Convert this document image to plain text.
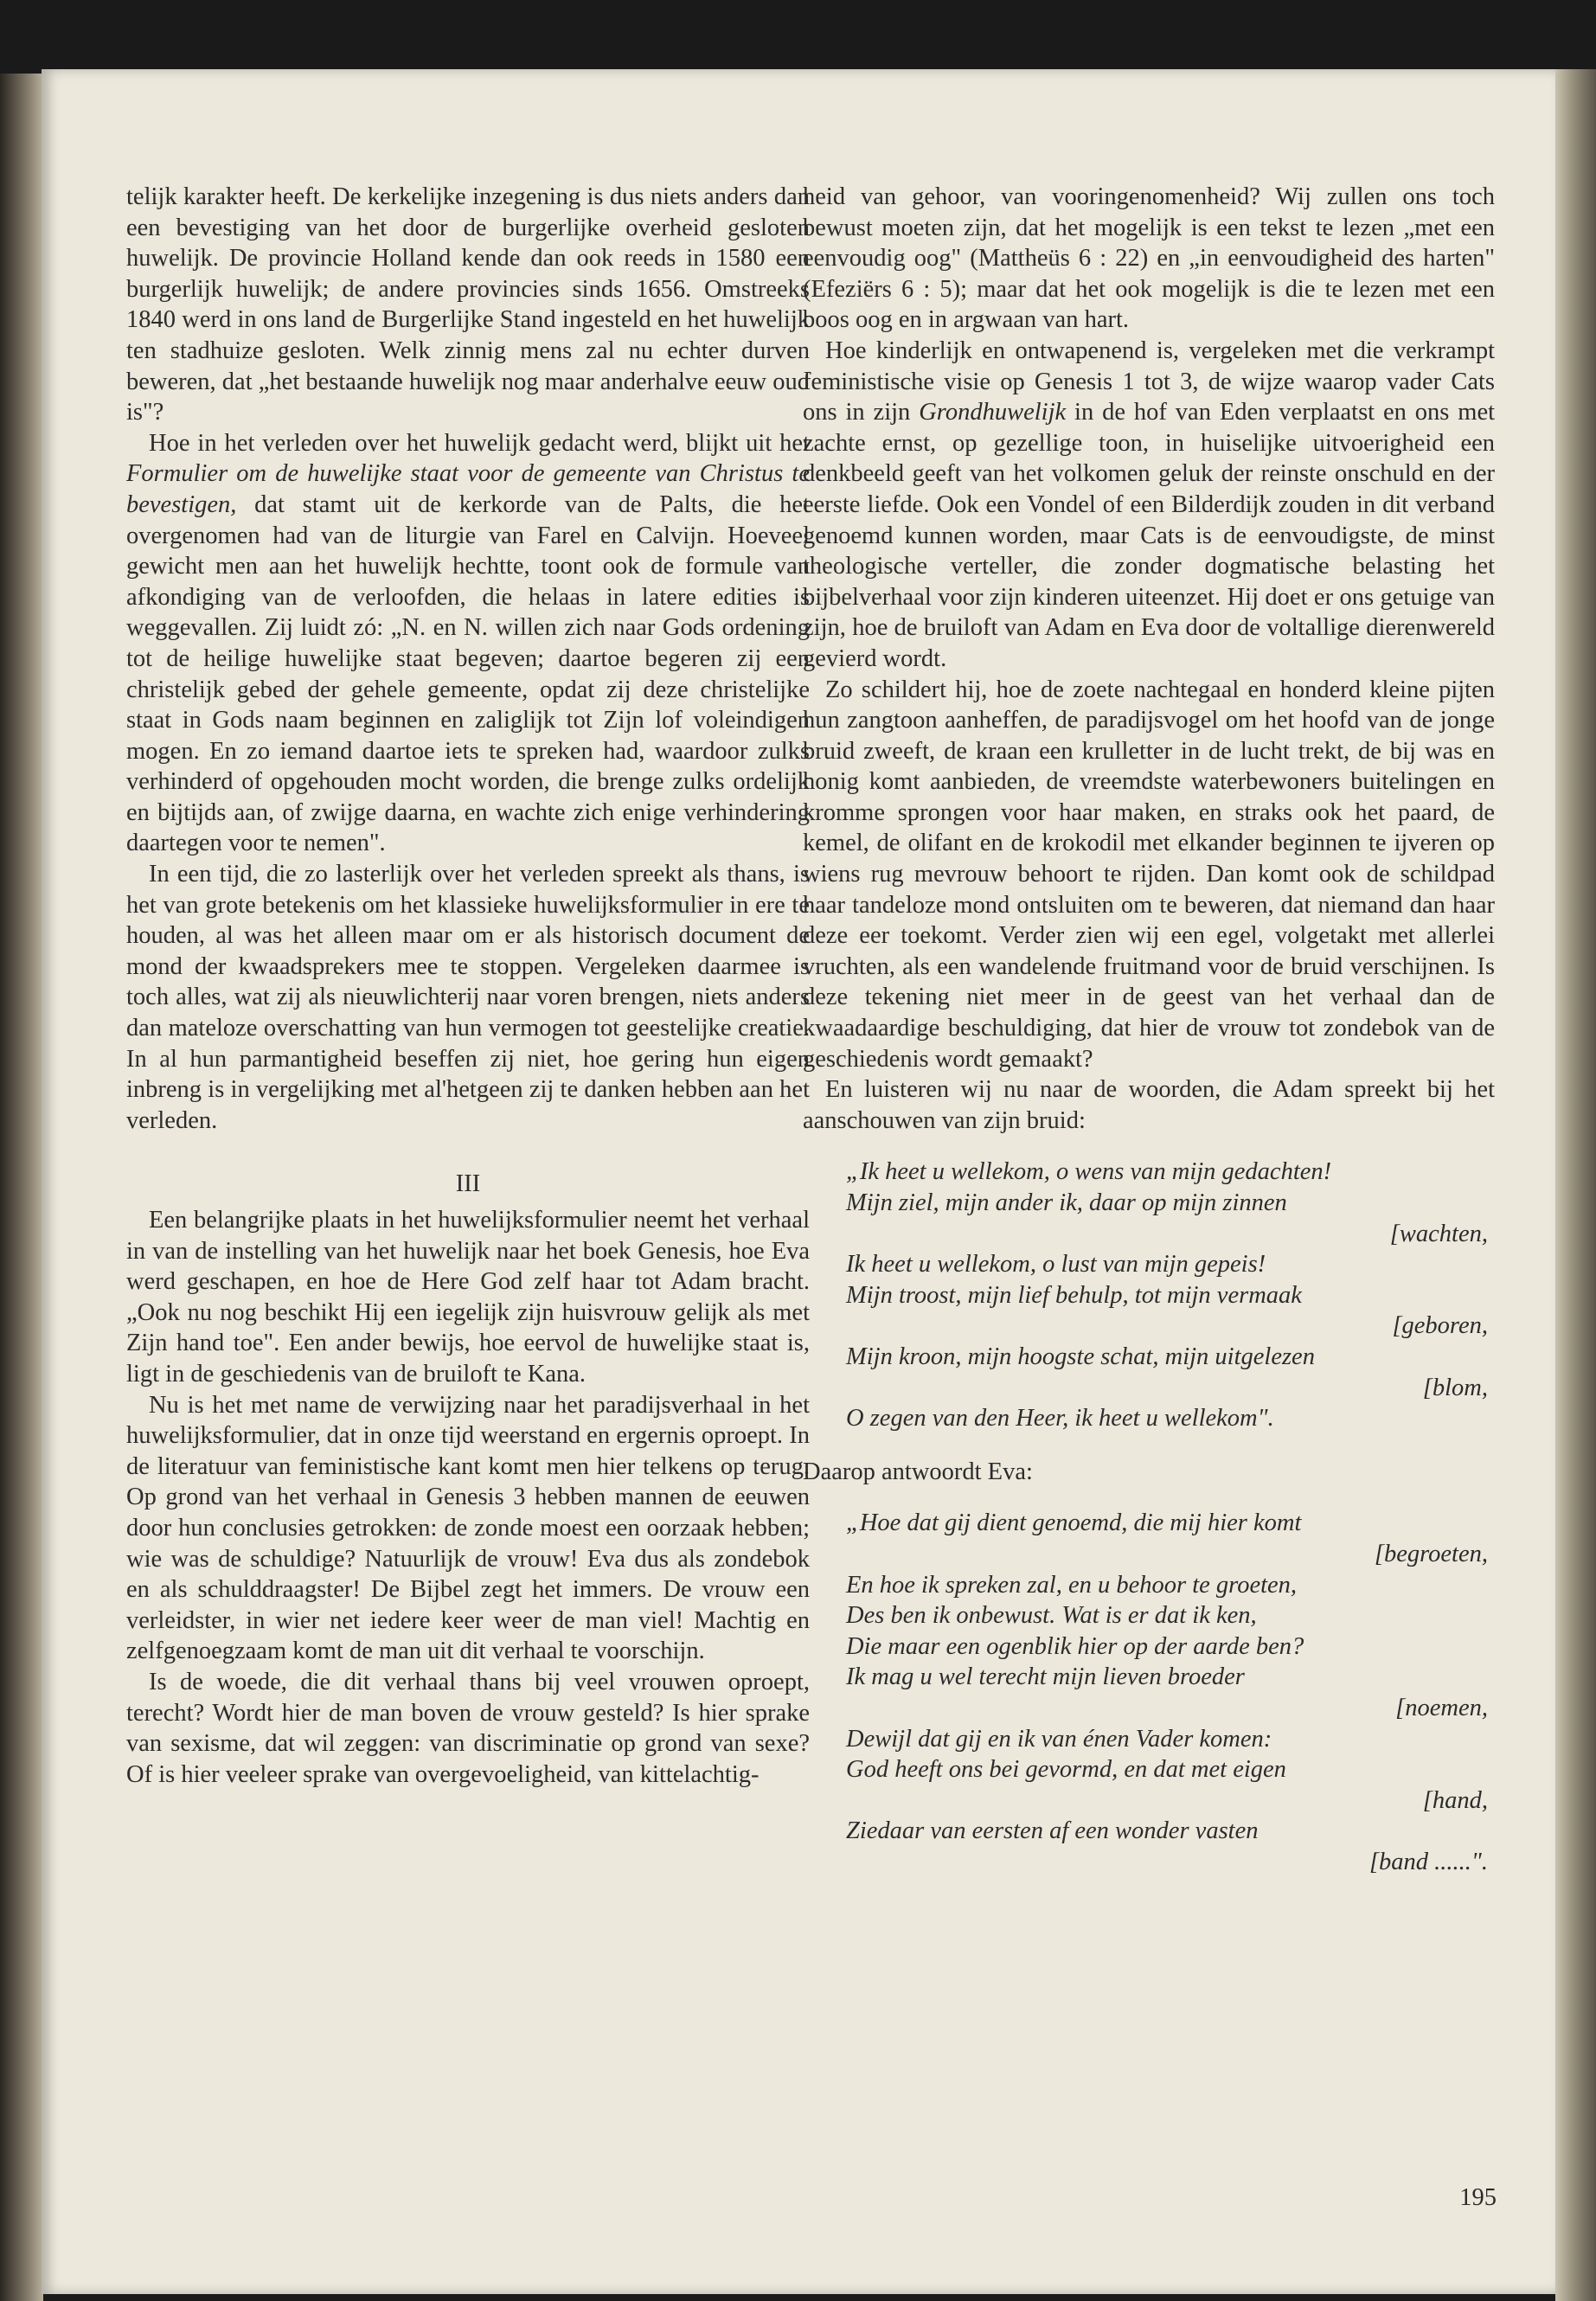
telijk karakter heeft. De kerkelijke inzegening is dus niets anders dan een bevestiging van het door de burgerlijke overheid gesloten huwelijk. De provincie Holland kende dan ook reeds in 1580 een burgerlijk huwelijk; de andere provincies sinds 1656. Omstreeks 1840 werd in ons land de Burgerlijke Stand ingesteld en het huwelijk ten stadhuize gesloten. Welk zinnig mens zal nu echter durven beweren, dat „het bestaande huwelijk nog maar anderhalve eeuw oud is"?

Hoe in het verleden over het huwelijk gedacht werd, blijkt uit het Formulier om de huwelijke staat voor de gemeente van Christus te bevestigen, dat stamt uit de kerkorde van de Palts, die het overgenomen had van de liturgie van Farel en Calvijn. Hoeveel gewicht men aan het huwelijk hechtte, toont ook de formule van afkondiging van de verloofden, die helaas in latere edities is weggevallen. Zij luidt zó: „N. en N. willen zich naar Gods ordening tot de heilige huwelijke staat begeven; daartoe begeren zij een christelijk gebed der gehele gemeente, opdat zij deze christelijke staat in Gods naam beginnen en zaliglijk tot Zijn lof voleindigen mogen. En zo iemand daartoe iets te spreken had, waardoor zulks verhinderd of opgehouden mocht worden, die brenge zulks ordelijk en bijtijds aan, of zwijge daarna, en wachte zich enige verhindering daartegen voor te nemen".

In een tijd, die zo lasterlijk over het verleden spreekt als thans, is het van grote betekenis om het klassieke huwelijksformulier in ere te houden, al was het alleen maar om er als historisch document de mond der kwaadsprekers mee te stoppen. Vergeleken daarmee is toch alles, wat zij als nieuwlichterij naar voren brengen, niets anders dan mateloze overschatting van hun vermogen tot geestelijke creatie. In al hun parmantigheid beseffen zij niet, hoe gering hun eigen inbreng is in vergelijking met al'hetgeen zij te danken hebben aan het verleden.

III

Een belangrijke plaats in het huwelijksformulier neemt het verhaal in van de instelling van het huwelijk naar het boek Genesis, hoe Eva werd geschapen, en hoe de Here God zelf haar tot Adam bracht. „Ook nu nog beschikt Hij een iegelijk zijn huisvrouw gelijk als met Zijn hand toe". Een ander bewijs, hoe eervol de huwelijke staat is, ligt in de geschiedenis van de bruiloft te Kana.

Nu is het met name de verwijzing naar het paradijsverhaal in het huwelijksformulier, dat in onze tijd weerstand en ergernis oproept. In de literatuur van feministische kant komt men hier telkens op terug. Op grond van het verhaal in Genesis 3 hebben mannen de eeuwen door hun conclusies getrokken: de zonde moest een oorzaak hebben; wie was de schuldige? Natuurlijk de vrouw! Eva dus als zondebok en als schulddraagster! De Bijbel zegt het immers. De vrouw een verleidster, in wier net iedere keer weer de man viel! Machtig en zelfgenoegzaam komt de man uit dit verhaal te voorschijn.

Is de woede, die dit verhaal thans bij veel vrouwen oproept, terecht? Wordt hier de man boven de vrouw gesteld? Is hier sprake van sexisme, dat wil zeggen: van discriminatie op grond van sexe? Of is hier veeleer sprake van overgevoeligheid, van kittelachtig-

heid van gehoor, van vooringenomenheid? Wij zullen ons toch bewust moeten zijn, dat het mogelijk is een tekst te lezen „met een eenvoudig oog" (Mattheüs 6 : 22) en „in eenvoudigheid des harten" (Efeziërs 6 : 5); maar dat het ook mogelijk is die te lezen met een boos oog en in argwaan van hart.

Hoe kinderlijk en ontwapenend is, vergeleken met die verkrampt feministische visie op Genesis 1 tot 3, de wijze waarop vader Cats ons in zijn Grondhuwelijk in de hof van Eden verplaatst en ons met zachte ernst, op gezellige toon, in huiselijke uitvoerigheid een denkbeeld geeft van het volkomen geluk der reinste onschuld en der eerste liefde. Ook een Vondel of een Bilderdijk zouden in dit verband genoemd kunnen worden, maar Cats is de eenvoudigste, de minst theologische verteller, die zonder dogmatische belasting het bijbelverhaal voor zijn kinderen uiteenzet. Hij doet er ons getuige van zijn, hoe de bruiloft van Adam en Eva door de voltallige dierenwereld gevierd wordt.

Zo schildert hij, hoe de zoete nachtegaal en honderd kleine pijten hun zangtoon aanheffen, de paradijsvogel om het hoofd van de jonge bruid zweeft, de kraan een krulletter in de lucht trekt, de bij was en honig komt aanbieden, de vreemdste waterbewoners buitelingen en kromme sprongen voor haar maken, en straks ook het paard, de kemel, de olifant en de krokodil met elkander beginnen te ijveren op wiens rug mevrouw behoort te rijden. Dan komt ook de schildpad haar tandeloze mond ontsluiten om te beweren, dat niemand dan haar deze eer toekomt. Verder zien wij een egel, volgetakt met allerlei vruchten, als een wandelende fruitmand voor de bruid verschijnen. Is deze tekening niet meer in de geest van het verhaal dan de kwaadaardige beschuldiging, dat hier de vrouw tot zondebok van de geschiedenis wordt gemaakt?

En luisteren wij nu naar de woorden, die Adam spreekt bij het aanschouwen van zijn bruid:

„Ik heet u wellekom, o wens van mijn gedachten!
Mijn ziel, mijn ander ik, daar op mijn zinnen
[wachten,
Ik heet u wellekom, o lust van mijn gepeis!
Mijn troost, mijn lief behulp, tot mijn vermaak
[geboren,
Mijn kroon, mijn hoogste schat, mijn uitgelezen
[blom,
O zegen van den Heer, ik heet u wellekom".

Daarop antwoordt Eva:

„Hoe dat gij dient genoemd, die mij hier komt
[begroeten,
En hoe ik spreken zal, en u behoor te groeten,
Des ben ik onbewust. Wat is er dat ik ken,
Die maar een ogenblik hier op der aarde ben?
Ik mag u wel terecht mijn lieven broeder
[noemen,
Dewijl dat gij en ik van énen Vader komen:
God heeft ons bei gevormd, en dat met eigen
[hand,
Ziedaar van eersten af een wonder vasten
[band ......".
195
